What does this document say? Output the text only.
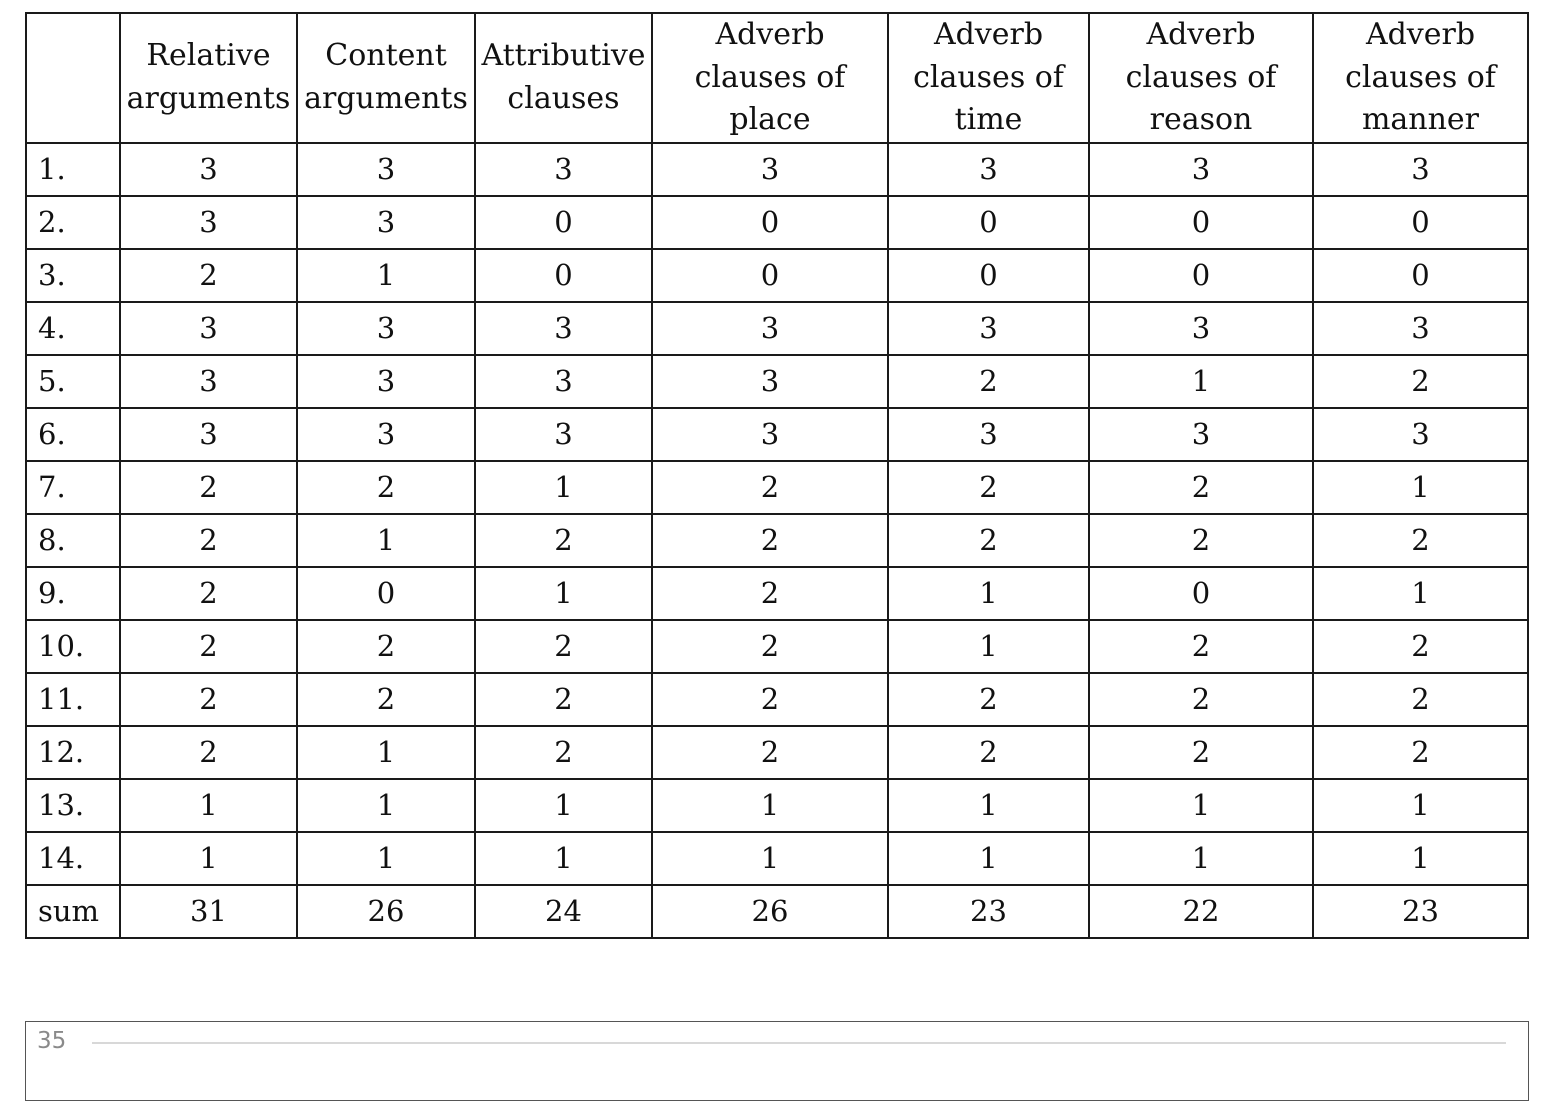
	Relative arguments	Content arguments	Attributive clauses	Adverb clauses of place	Adverb clauses of time	Adverb clauses of reason	Adverb clauses of manner

1.	3	3	3	3	3	3	3
2.	3	3	0	0	0	0	0
3.	2	1	0	0	0	0	0
4.	3	3	3	3	3	3	3
5.	3	3	3	3	2	1	2
6.	3	3	3	3	3	3	3
7.	2	2	1	2	2	2	1
8.	2	1	2	2	2	2	2
9.	2	0	1	2	1	0	1
10.	2	2	2	2	1	2	2
11.	2	2	2	2	2	2	2
12.	2	1	2	2	2	2	2
13.	1	1	1	1	1	1	1
14.	1	1	1	1	1	1	1
sum	31	26	24	26	23	22	23
35
